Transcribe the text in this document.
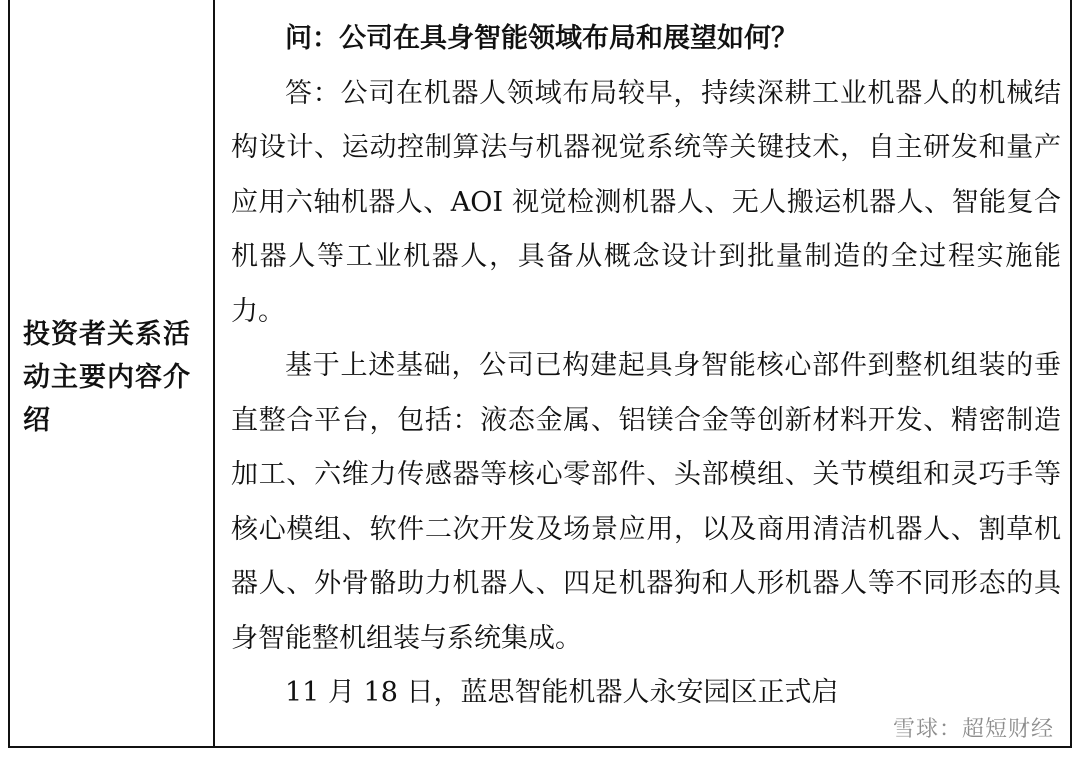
投资者关系活动主要内容介绍

问：公司在具身智能领域布局和展望如何？

答：公司在机器人领域布局较早，持续深耕工业机器人的机械结构设计、运动控制算法与机器视觉系统等关键技术，自主研发和量产应用六轴机器人、AOI 视觉检测机器人、无人搬运机器人、智能复合机器人等工业机器人，具备从概念设计到批量制造的全过程实施能力。

基于上述基础，公司已构建起具身智能核心部件到整机组装的垂直整合平台，包括：液态金属、铝镁合金等创新材料开发、精密制造加工、六维力传感器等核心零部件、头部模组、关节模组和灵巧手等核心模组、软件二次开发及场景应用，以及商用清洁机器人、割草机器人、外骨骼助力机器人、四足机器狗和人形机器人等不同形态的具身智能整机组装与系统集成。

11 月 18 日，蓝思智能机器人永安园区正式启

雪球：超短财经
